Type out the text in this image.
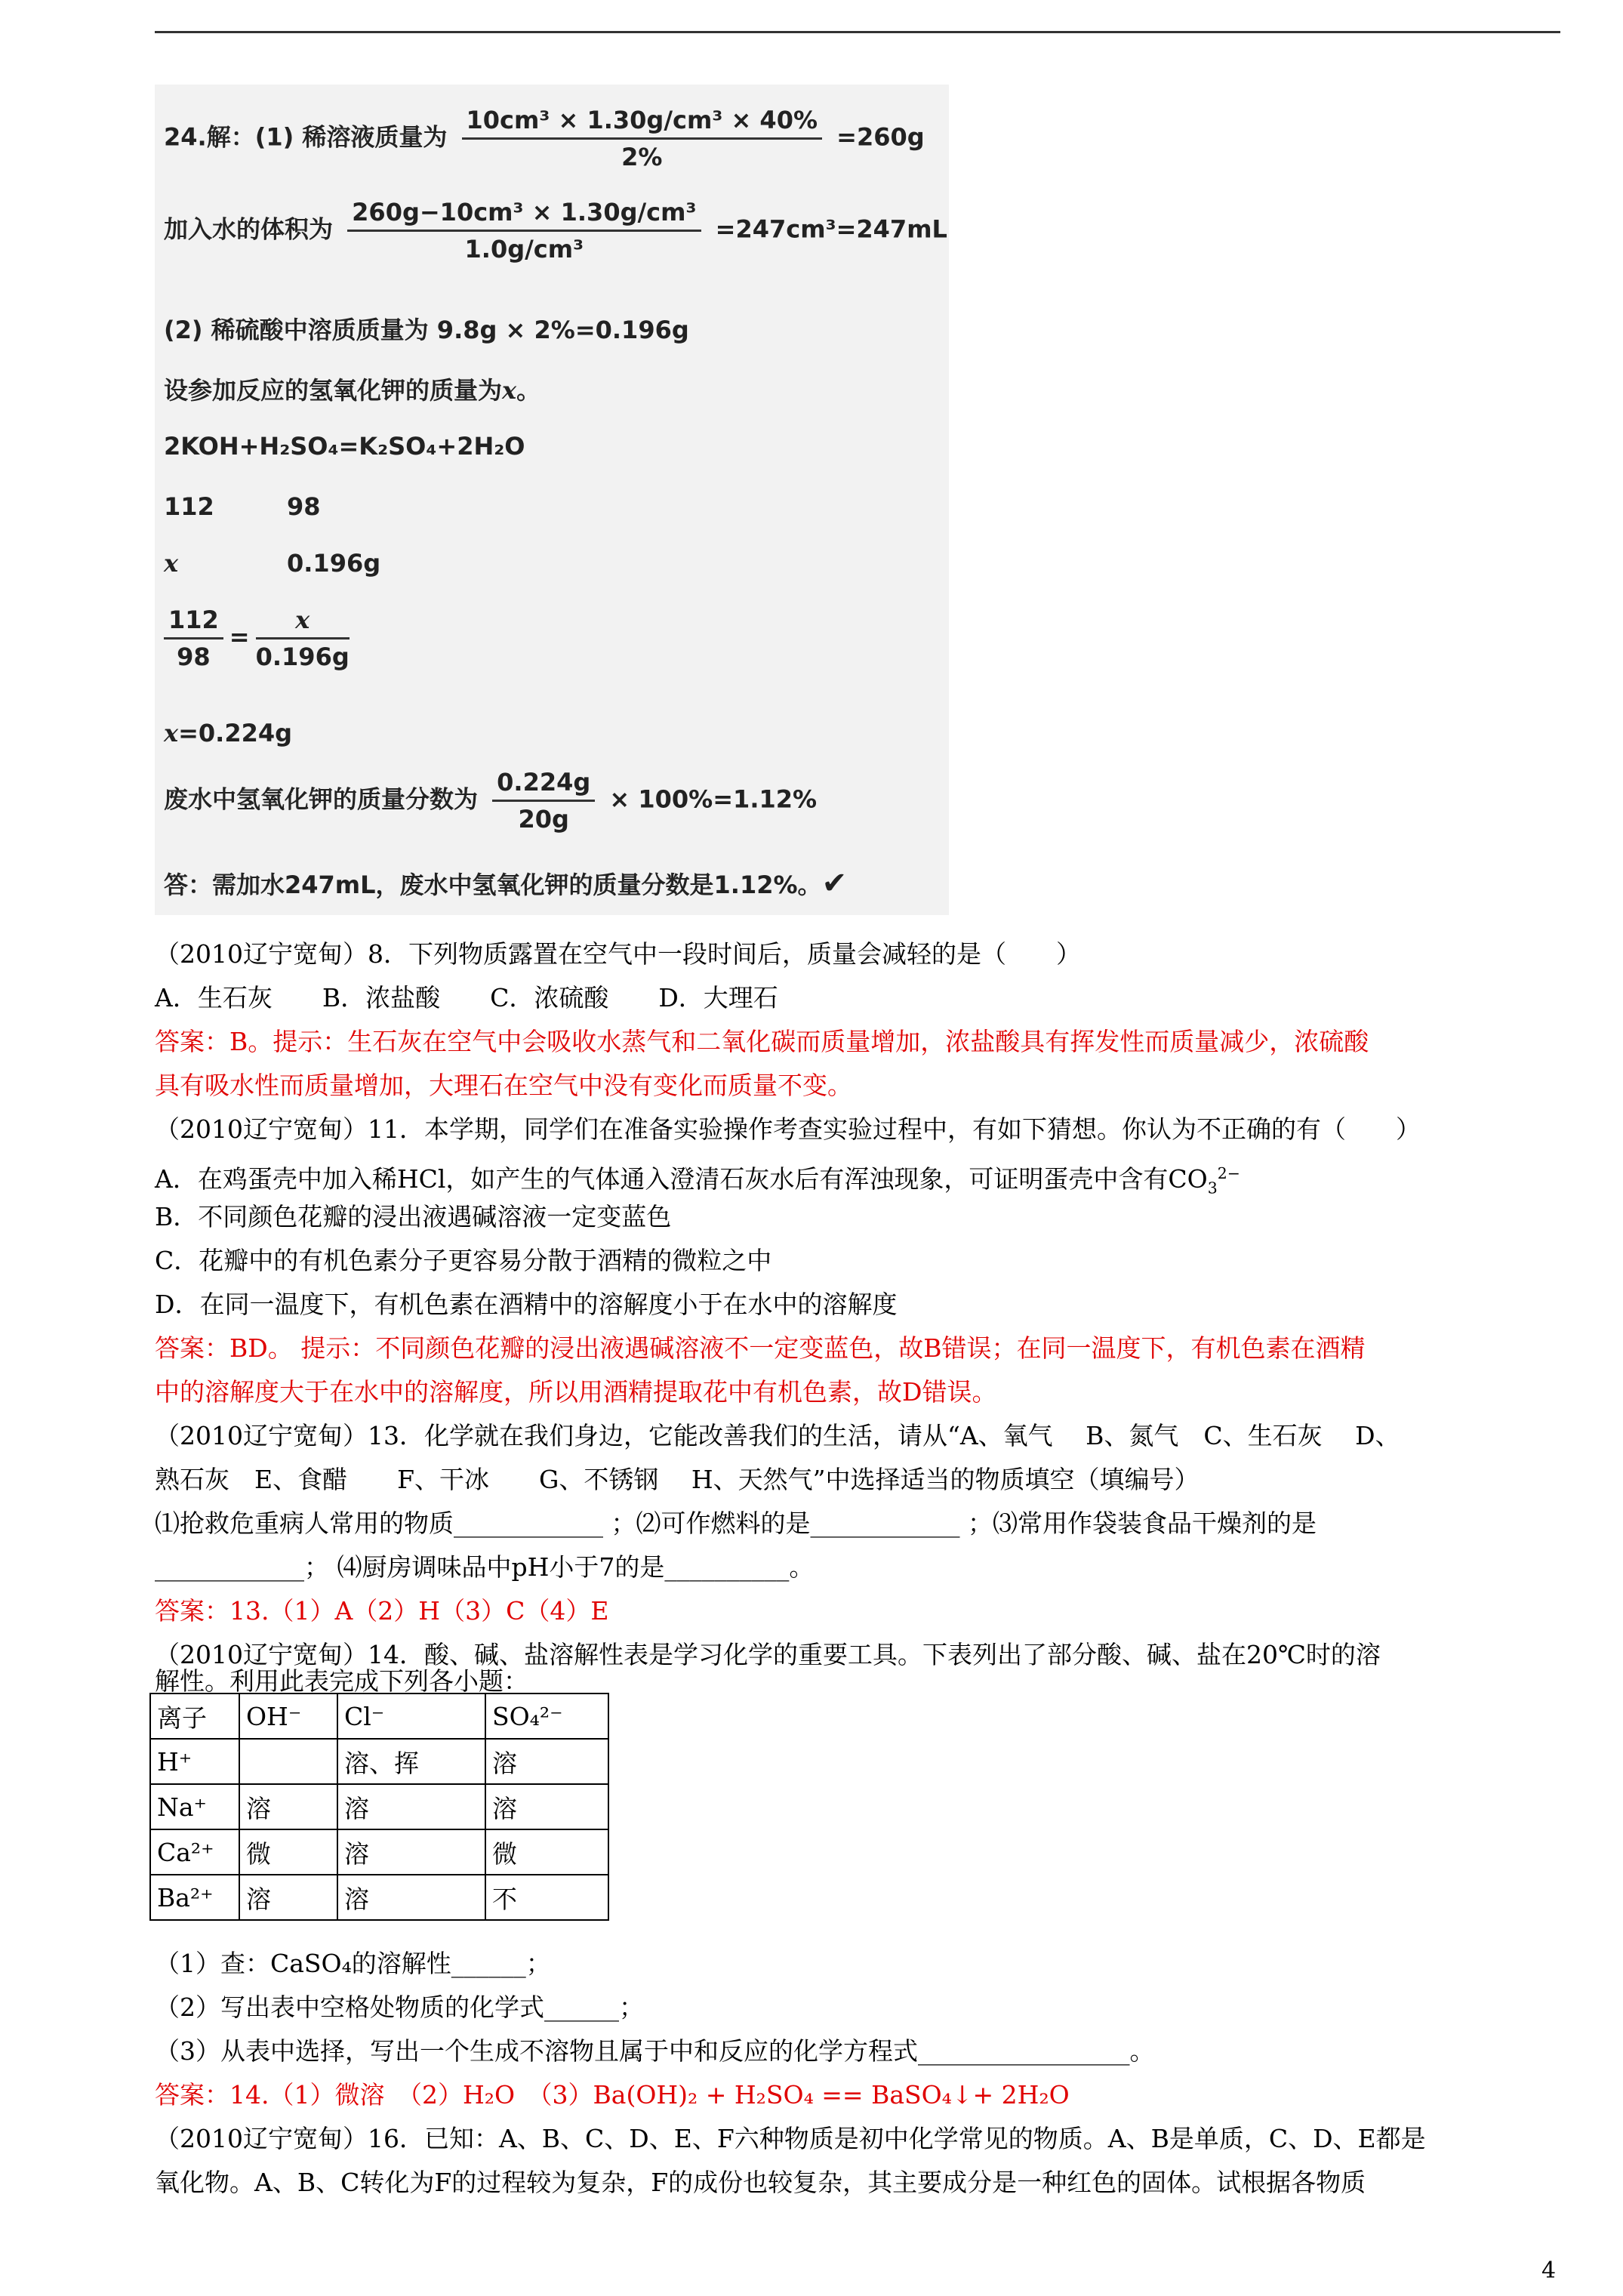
24.解：(1) 稀溶液质量为 $\frac{\text{10cm³ × 1.30g/cm³ × 40\%}}{2\%} =260g$
加入水的体积为 $\frac{\text{260g−10cm³ × 1.30g/cm³}}{\text{1.0g/cm³}} =247cm^3=247mL$
(2) 稀硫酸中溶质质量为 9.8g × 2%=0.196g
设参加反应的氢氧化钾的质量为x。
2KOH+H₂SO₄=K₂SO₄+2H₂O
112	98
x	0.196g
$\frac{112}{98} = \frac{x}{0.196g}$
x=0.224g
废水中氢氧化钾的质量分数为 $\frac{0.224g}{20g} \times 100\%=1.12\%$
答：需加水247mL，废水中氢氧化钾的质量分数是1.12%。✔
（2010辽宁宽甸）8．下列物质露置在空气中一段时间后，质量会减轻的是（　　）
A．生石灰　　B．浓盐酸　　C．浓硫酸　　D．大理石
答案：B。提示：生石灰在空气中会吸收水蒸气和二氧化碳而质量增加，浓盐酸具有挥发性而质量减少，浓硫酸
具有吸水性而质量增加，大理石在空气中没有变化而质量不变。
（2010辽宁宽甸）11．本学期，同学们在准备实验操作考查实验过程中，有如下猜想。你认为不正确的有（　　）
A．在鸡蛋壳中加入稀HCl，如产生的气体通入澄清石灰水后有浑浊现象，可证明蛋壳中含有$CO_3^{2-}$
B．不同颜色花瓣的浸出液遇碱溶液一定变蓝色
C．花瓣中的有机色素分子更容易分散于酒精的微粒之中
D．在同一温度下，有机色素在酒精中的溶解度小于在水中的溶解度
答案：BD。 提示：不同颜色花瓣的浸出液遇碱溶液不一定变蓝色，故B错误；在同一温度下，有机色素在酒精
中的溶解度大于在水中的溶解度，所以用酒精提取花中有机色素，故D错误。
（2010辽宁宽甸）13．化学就在我们身边，它能改善我们的生活，请从“A、氧气　 B、氮气　C、生石灰　 D、
熟石灰　E、食醋　　F、干冰　　G、不锈钢　 H、天然气”中选择适当的物质填空（填编号）
⑴抢救危重病人常用的物质____________ ；⑵可作燃料的是____________ ；⑶常用作袋装食品干燥剂的是
____________； ⑷厨房调味品中pH小于7的是__________。
答案：13.（1）A（2）H（3）C（4）E
（2010辽宁宽甸）14．酸、碱、盐溶解性表是学习化学的重要工具。下表列出了部分酸、碱、盐在20℃时的溶
解性。利用此表完成下列各小题：
离子	OH⁻	Cl⁻	SO₄²⁻
H⁺		溶、挥	溶
Na⁺	溶	溶	溶
Ca²⁺	微	溶	微
Ba²⁺	溶	溶	不
（1）查：CaSO₄的溶解性______；
（2）写出表中空格处物质的化学式______；
（3）从表中选择，写出一个生成不溶物且属于中和反应的化学方程式_________________。
答案：14.（1）微溶　（2）H₂O　（3）Ba(OH)₂ + H₂SO₄ == BaSO₄↓+ 2H₂O
（2010辽宁宽甸）16．已知：A、B、C、D、E、F六种物质是初中化学常见的物质。A、B是单质，C、D、E都是
氧化物。A、B、C转化为F的过程较为复杂，F的成份也较复杂，其主要成分是一种红色的固体。试根据各物质
4
